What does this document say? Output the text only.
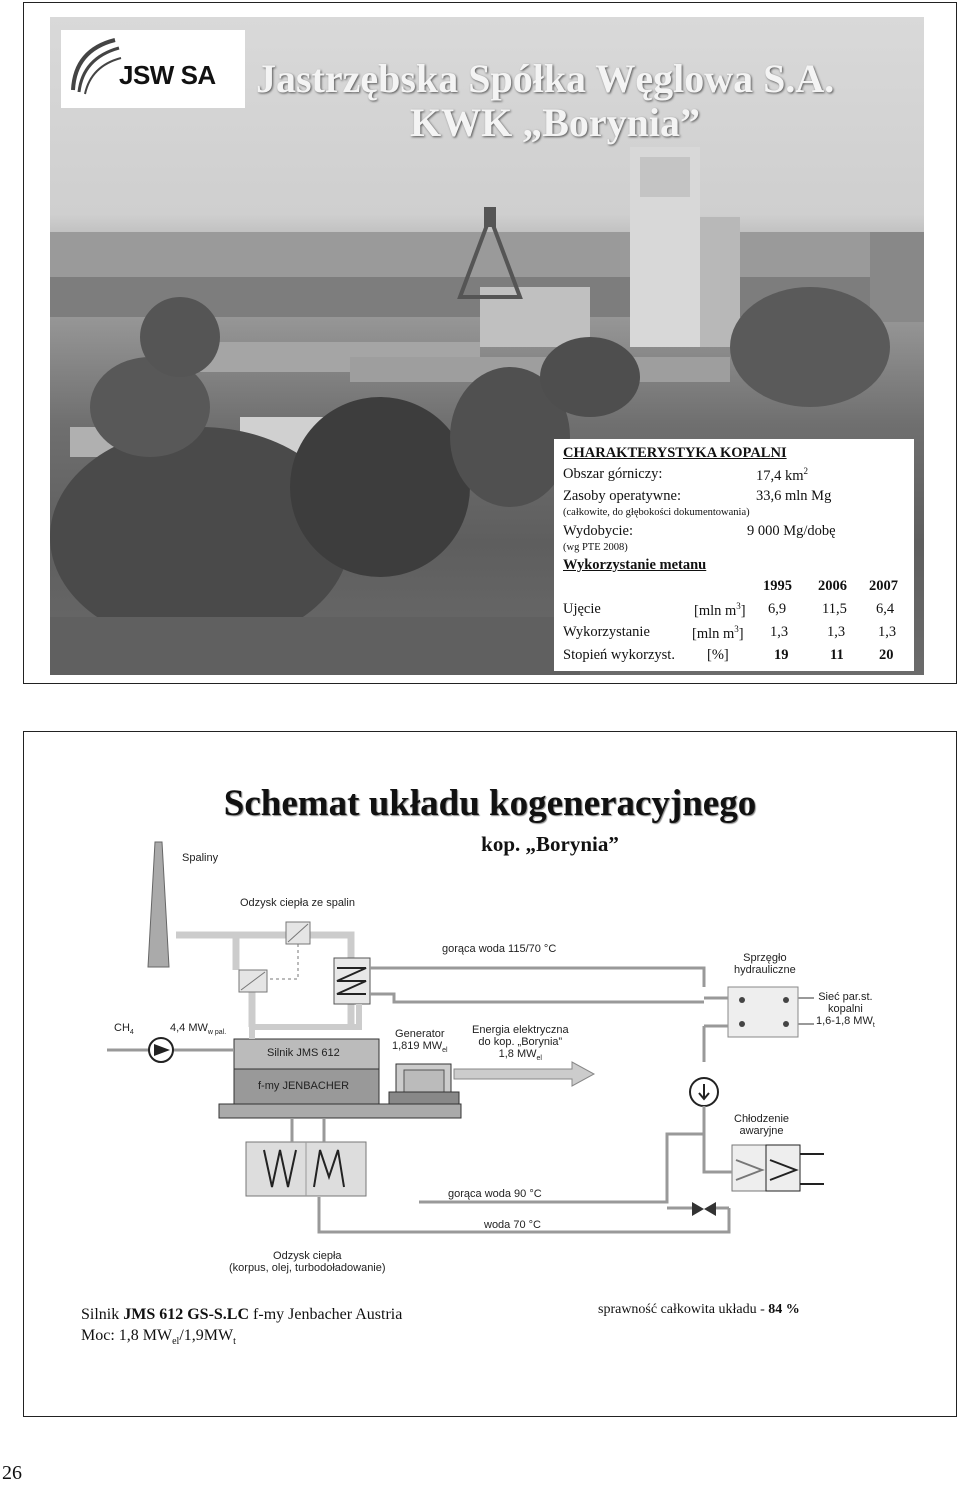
JSW SA Jastrzębska Spółka Węglowa S.A.
KWK „Borynia”
CHARAKTERYSTYKA KOPALNI
Obszar górniczy:	17,4 $km^2$
Zasoby operatywne:	33,6 mln Mg
(całkowite, do głębokości dokumentowania)
Wydobycie:	9 000 Mg/dobę
(wg PTE 2008)
Wykorzystanie metanu
1995 2006 2007
Ujęcie	[mln $m^3$] 6,9 11,5 6,4
Wykorzystanie	[mln $m^3$] 1,3	1,3 1,3
Stopień wykorzyst. [%]	19	11 20
Schemat układu kogeneracyjnego
kop. „Borynia”
Spaliny
Odzysk ciepła ze spalin
gorąca woda 115/70 °C
Sprzęgło
hydrauliczne
Sieć par.st.
kopalni
1,6-1,8 $MW_t$
$CH_4$	4,4 $MW_{w pal.}$
Silnik JMS 612
f-my JENBACHER
Generator
1,819 $MW_{el}$
Energia elektryczna
do kop. „Borynia”
1,8 $MW_{el}$
Chłodzenie
awaryjne
gorąca woda 90 °C
woda 70 °C
Odzysk ciepła
(korpus, olej, turbodoładowanie)
Silnik JMS 612 GS-S.LC f-my Jenbacher Austria
Moc: 1,8 $MW_{el}/1,9MW_t$
sprawność całkowita układu - 84 %
26
